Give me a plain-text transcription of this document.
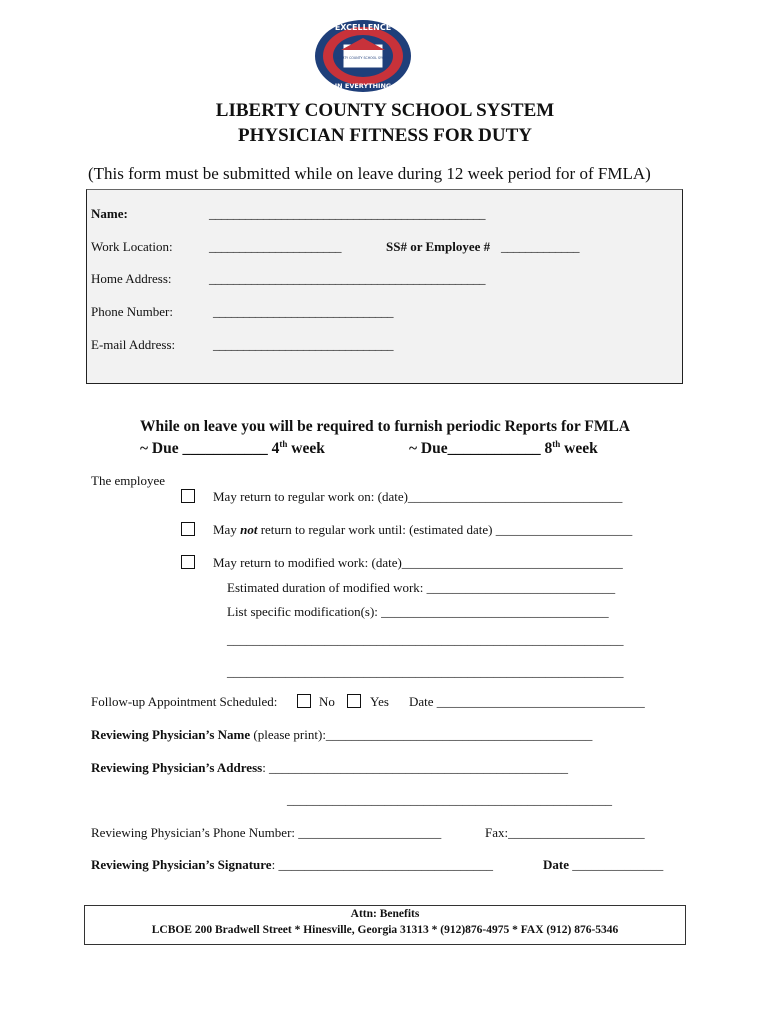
EXCELLENCE
IN EVERYTHING
LIBERTY COUNTY SCHOOL SYSTEM
LIBERTY COUNTY SCHOOL SYSTEM
PHYSICIAN FITNESS FOR DUTY
(This form must be submitted while on leave during 12 week period for of FMLA)
Name:	______________________________________________
Work Location:	______________________	SS# or Employee # _____________
Home Address:	______________________________________________
Phone Number:	______________________________
E-mail Address:	______________________________
While on leave you will be required to furnish periodic Reports for FMLA
~ Due ___________ 4th week	~ Due____________ 8th week
The employee
May return to regular work on: (date)_________________________________
May not return to regular work until: (estimated date) _____________________
May return to modified work: (date)__________________________________
Estimated duration of modified work: _____________________________
List specific modification(s): ___________________________________
_____________________________________________________________
_____________________________________________________________
Follow-up Appointment Scheduled:	No	Yes Date ________________________________
Reviewing Physician’s Name (please print):_________________________________________
Reviewing Physician’s Address: ______________________________________________
__________________________________________________
Reviewing Physician’s Phone Number: ______________________	Fax:_____________________
Reviewing Physician’s Signature: _________________________________	Date ______________
Attn: Benefits
LCBOE 200 Bradwell Street * Hinesville, Georgia 31313 * (912)876-4975 * FAX (912) 876-5346
